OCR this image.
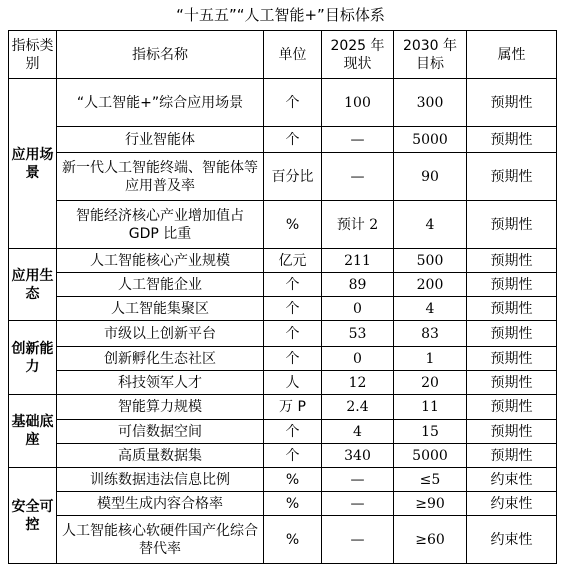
“十五五”“人工智能+”目标体系
指标类别	指标名称	单位	2025 年现状	2030 年目标	属性
应用场景	“人工智能+”综合应用场景	个	100	300	预期性
	行业智能体	个	—	5000	预期性
	新一代人工智能终端、智能体等应用普及率	百分比	—	90	预期性
	智能经济核心产业增加值占 GDP 比重	%	预计 2	4	预期性
应用生态	人工智能核心产业规模	亿元	211	500	预期性
	人工智能企业	个	89	200	预期性
	人工智能集聚区	个	0	4	预期性
创新能力	市级以上创新平台	个	53	83	预期性
	创新孵化生态社区	个	0	1	预期性
	科技领军人才	人	12	20	预期性
基础底座	智能算力规模	万 P	2.4	11	预期性
	可信数据空间	个	4	15	预期性
	高质量数据集	个	340	5000	预期性
安全可控	训练数据违法信息比例	%	—	≤5	约束性
	模型生成内容合格率	%	—	≥90	约束性
	人工智能核心软硬件国产化综合替代率	%	—	≥60	约束性
